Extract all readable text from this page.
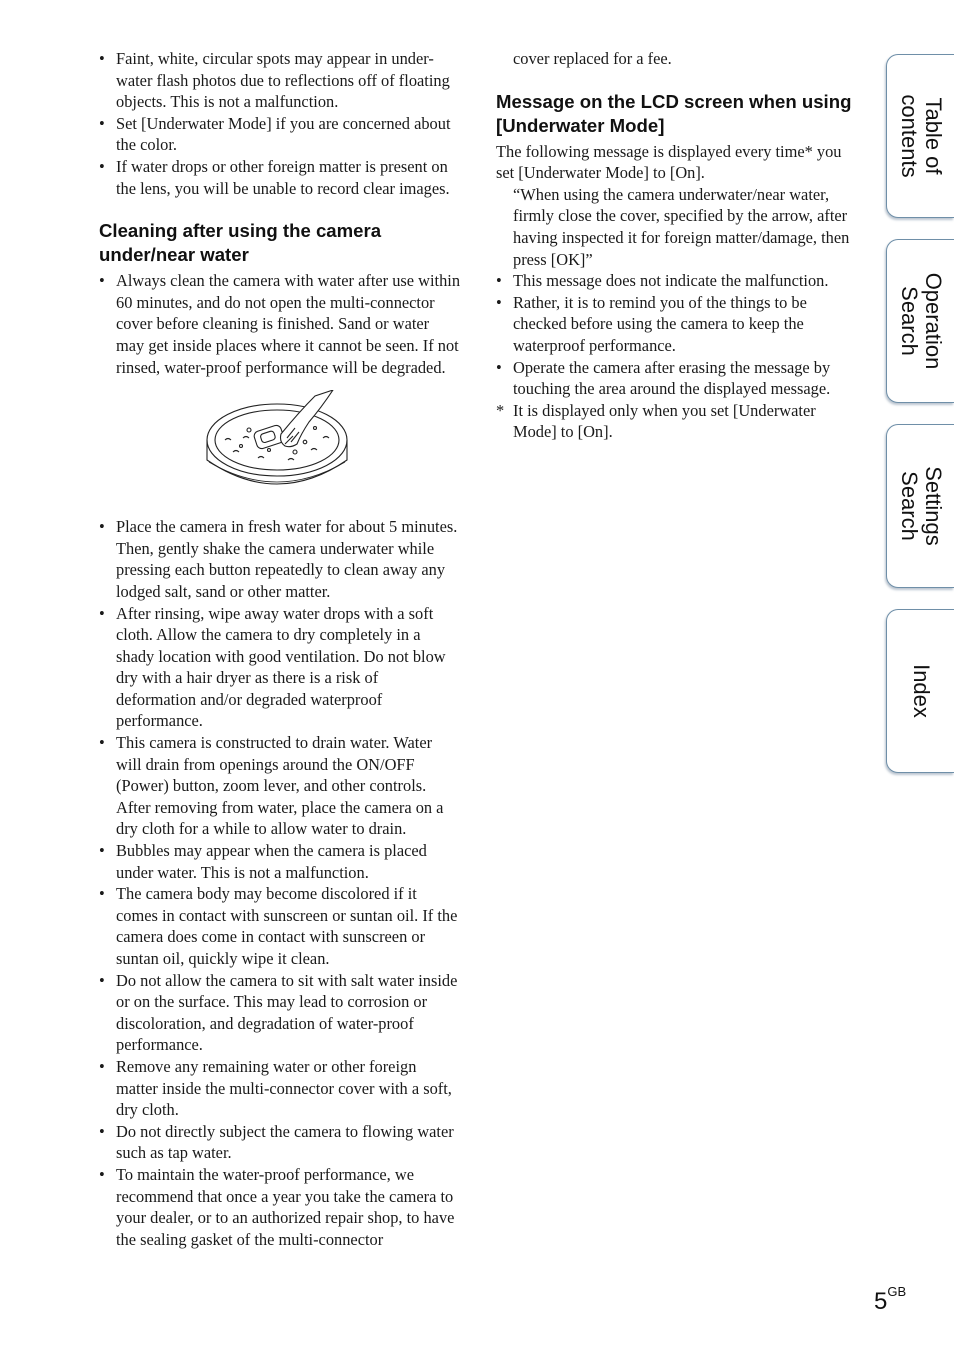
• Faint, white, circular spots may appear in under-water flash photos due to reflections off of floating objects. This is not a malfunction.
• Set [Underwater Mode] if you are concerned about the color.
• If water drops or other foreign matter is present on the lens, you will be unable to record clear images.
Cleaning after using the camera under/near water
• Always clean the camera with water after use within 60 minutes, and do not open the multi-connector cover before cleaning is finished. Sand or water may get inside places where it cannot be seen. If not rinsed, water-proof performance will be degraded.
• Place the camera in fresh water for about 5 minutes. Then, gently shake the camera underwater while pressing each button repeatedly to clean away any lodged salt, sand or other matter.
• After rinsing, wipe away water drops with a soft cloth. Allow the camera to dry completely in a shady location with good ventilation. Do not blow dry with a hair dryer as there is a risk of deformation and/or degraded waterproof performance.
• This camera is constructed to drain water. Water will drain from openings around the ON/OFF (Power) button, zoom lever, and other controls. After removing from water, place the camera on a dry cloth for a while to allow water to drain.
• Bubbles may appear when the camera is placed under water. This is not a malfunction.
• The camera body may become discolored if it comes in contact with sunscreen or suntan oil. If the camera does come in contact with sunscreen or suntan oil, quickly wipe it clean.
• Do not allow the camera to sit with salt water inside or on the surface. This may lead to corrosion or discoloration, and degradation of water-proof performance.
• Remove any remaining water or other foreign matter inside the multi-connector cover with a soft, dry cloth.
• Do not directly subject the camera to flowing water such as tap water.
• To maintain the water-proof performance, we recommend that once a year you take the camera to your dealer, or to an authorized repair shop, to have the sealing gasket of the multi-connector

cover replaced for a fee.

Message on the LCD screen when using [Underwater Mode]

The following message is displayed every time* you set [Underwater Mode] to [On].

“When using the camera underwater/near water, firmly close the cover, specified by the arrow, after having inspected it for foreign matter/damage, then press [OK]”

• This message does not indicate the malfunction.
• Rather, it is to remind you of the things to be checked before using the camera to keep the waterproof performance.
• Operate the camera after erasing the message by touching the area around the displayed message.
* It is displayed only when you set [Underwater Mode] to [On].
Table of
contents
Operation
Search
Settings
Search
Index
$5^{GB}$
